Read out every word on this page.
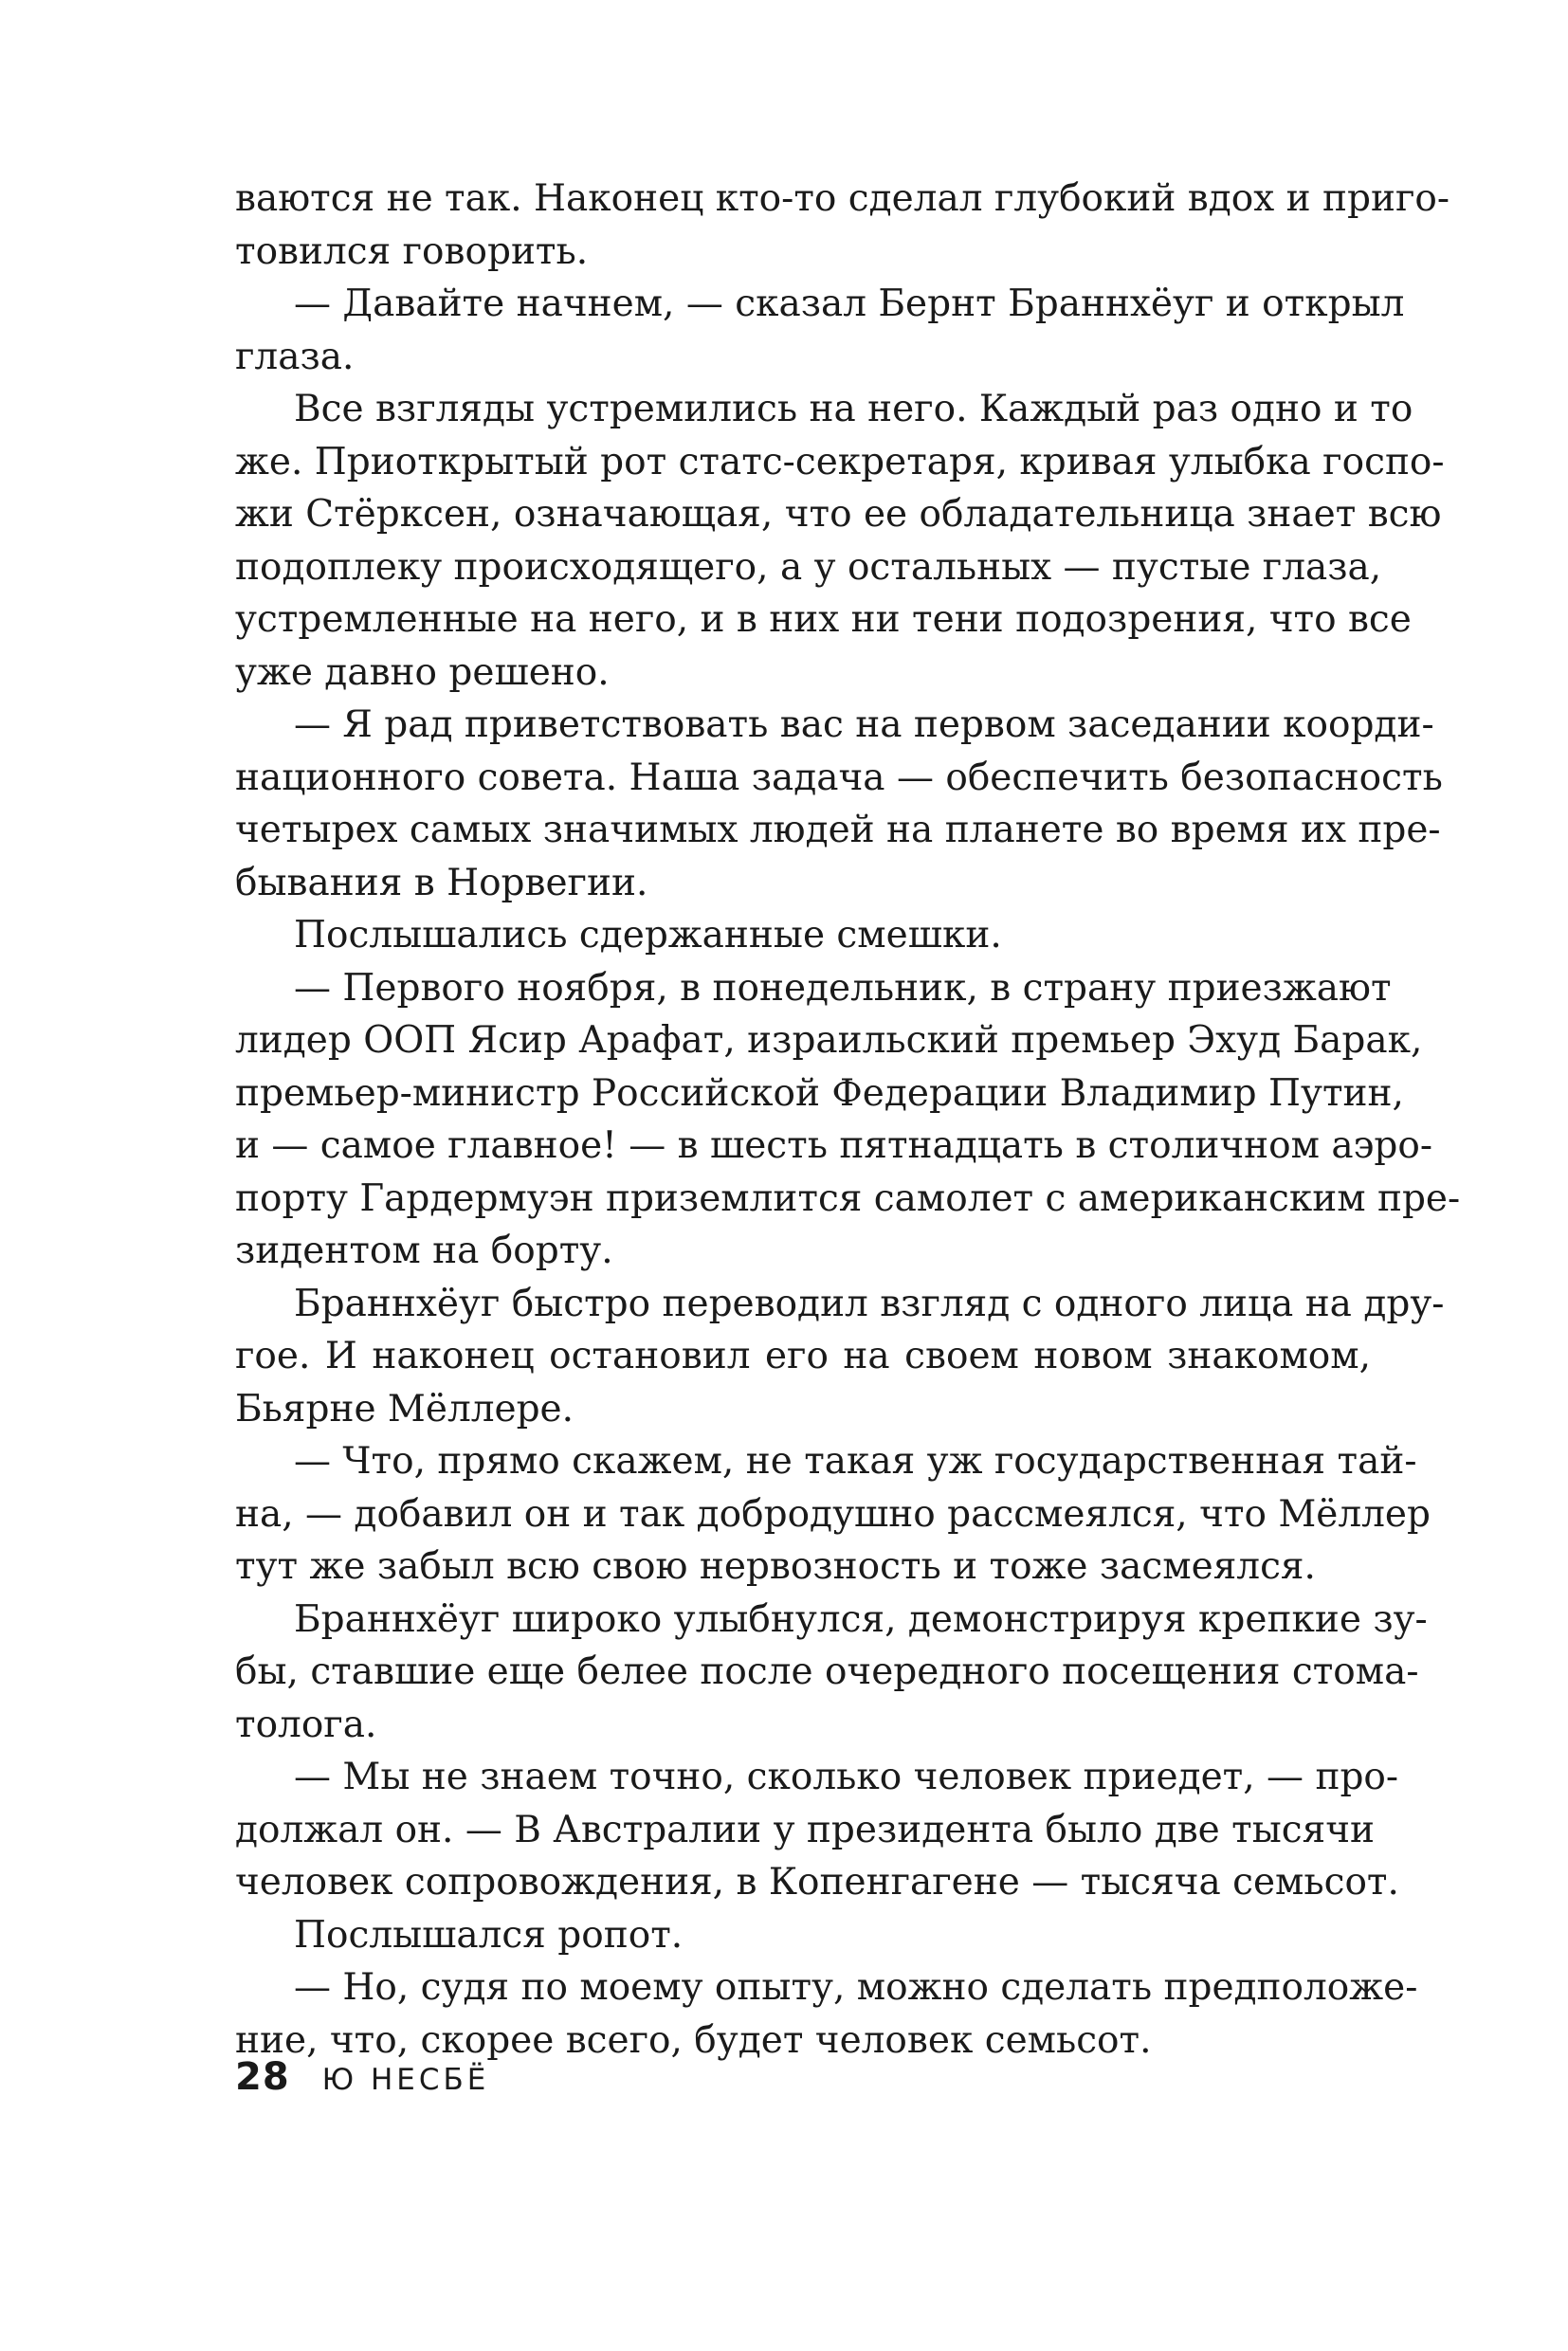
ваются не так. Наконец кто-то сделал глубокий вдох и приго-
товился говорить.
— Давайте начнем, — сказал Бернт Браннхёуг и открыл
глаза.
Все взгляды устремились на него. Каждый раз одно и то
же. Приоткрытый рот статс-секретаря, кривая улыбка госпо-
жи Стёрксен, означающая, что ее обладательница знает всю
подоплеку происходящего, а у остальных — пустые глаза,
устремленные на него, и в них ни тени подозрения, что все
уже давно решено.
— Я рад приветствовать вас на первом заседании коорди-
национного совета. Наша задача — обеспечить безопасность
четырех самых значимых людей на планете во время их пре-
бывания в Норвегии.
Послышались сдержанные смешки.
— Первого ноября, в понедельник, в страну приезжают
лидер ООП Ясир Арафат, израильский премьер Эхуд Барак,
премьер-министр Российской Федерации Владимир Путин,
и — самое главное! — в шесть пятнадцать в столичном аэро-
порту Гардермуэн приземлится самолет с американским пре-
зидентом на борту.
Браннхёуг быстро переводил взгляд с одного лица на дру-
гое. И наконец остановил его на своем новом знакомом,
Бьярне Мёллере.
— Что, прямо скажем, не такая уж государственная тай-
на, — добавил он и так добродушно рассмеялся, что Мёллер
тут же забыл всю свою нервозность и тоже засмеялся.
Браннхёуг широко улыбнулся, демонстрируя крепкие зу-
бы, ставшие еще белее после очередного посещения стома-
толога.
— Мы не знаем точно, сколько человек приедет, — про-
должал он. — В Австралии у президента было две тысячи
человек сопровождения, в Копенгагене — тысяча семьсот.
Послышался ропот.
— Но, судя по моему опыту, можно сделать предположе-
ние, что, скорее всего, будет человек семьсот.
28 Ю НЕСБЁ
